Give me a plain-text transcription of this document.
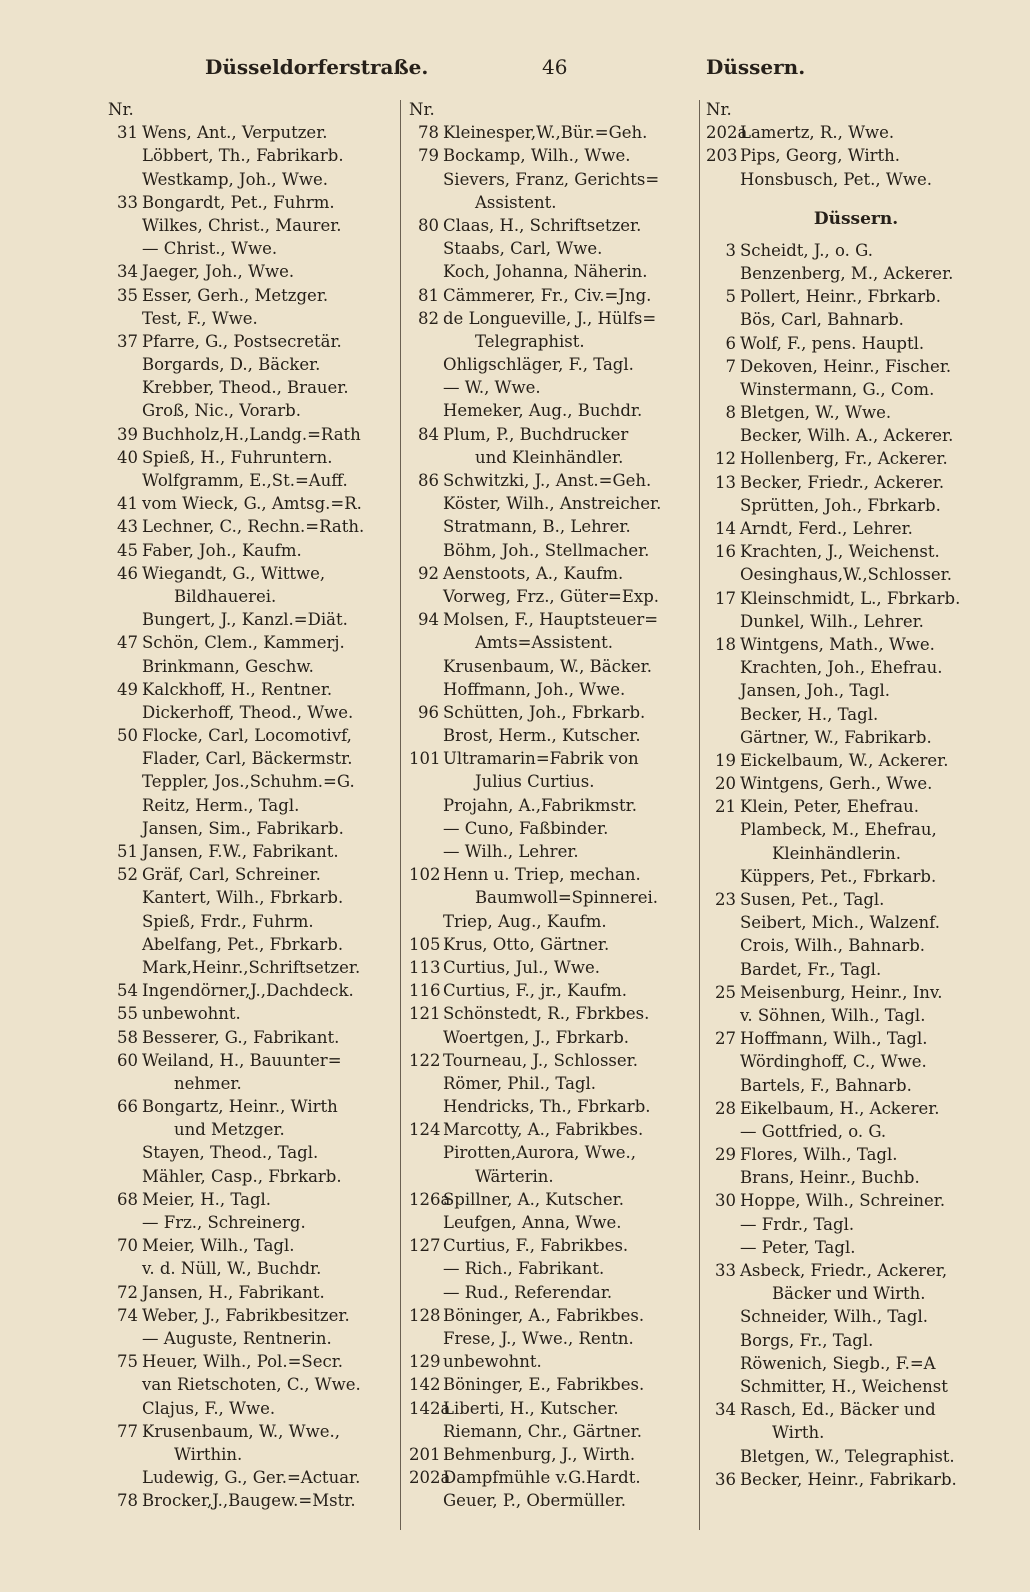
Düsseldorferstraße.	46	Düssern.
Nr.
31 Wens, Ant., Verputzer.
Löbbert, Th., Fabrikarb.
Westkamp, Joh., Wwe.
33 Bongardt, Pet., Fuhrm.
Wilkes, Christ., Maurer.
— Christ., Wwe.
34 Jaeger, Joh., Wwe.
35 Esser, Gerh., Metzger.
Test, F., Wwe.
37 Pfarre, G., Postsecretär.
Borgards, D., Bäcker.
Krebber, Theod., Brauer.
Groß, Nic., Vorarb.
39 Buchholz,H.,Landg.=Rath
40 Spieß, H., Fuhruntern.
Wolfgramm, E.,St.=Auff.
41 vom Wieck, G., Amtsg.=R.
43 Lechner, C., Rechn.=Rath.
45 Faber, Joh., Kaufm.
46 Wiegandt, G., Wittwe,
Bildhauerei.
Bungert, J., Kanzl.=Diät.
47 Schön, Clem., Kammerj.
Brinkmann, Geschw.
49 Kalckhoff, H., Rentner.
Dickerhoff, Theod., Wwe.
50 Flocke, Carl, Locomotivf,
Flader, Carl, Bäckermstr.
Teppler, Jos.,Schuhm.=G.
Reitz, Herm., Tagl.
Jansen, Sim., Fabrikarb.
51 Jansen, F.W., Fabrikant.
52 Gräf, Carl, Schreiner.
Kantert, Wilh., Fbrkarb.
Spieß, Frdr., Fuhrm.
Abelfang, Pet., Fbrkarb.
Mark,Heinr.,Schriftsetzer.
54 Ingendörner,J.,Dachdeck.
55 unbewohnt.
58 Besserer, G., Fabrikant.
60 Weiland, H., Bauunter=
nehmer.
66 Bongartz, Heinr., Wirth
und Metzger.
Stayen, Theod., Tagl.
Mähler, Casp., Fbrkarb.
68 Meier, H., Tagl.
— Frz., Schreinerg.
70 Meier, Wilh., Tagl.
v. d. Nüll, W., Buchdr.
72 Jansen, H., Fabrikant.
74 Weber, J., Fabrikbesitzer.
— Auguste, Rentnerin.
75 Heuer, Wilh., Pol.=Secr.
van Rietschoten, C., Wwe.
Clajus, F., Wwe.
77 Krusenbaum, W., Wwe.,
Wirthin.
Ludewig, G., Ger.=Actuar.
78 Brocker,J.,Baugew.=Mstr.
Nr.
78 Kleinesper,W.,Bür.=Geh.
79 Bockamp, Wilh., Wwe.
Sievers, Franz, Gerichts=
Assistent.
80 Claas, H., Schriftsetzer.
Staabs, Carl, Wwe.
Koch, Johanna, Näherin.
81 Cämmerer, Fr., Civ.=Jng.
82 de Longueville, J., Hülfs=
Telegraphist.
Ohligschläger, F., Tagl.
— W., Wwe.
Hemeker, Aug., Buchdr.
84 Plum, P., Buchdrucker
und Kleinhändler.
86 Schwitzki, J., Anst.=Geh.
Köster, Wilh., Anstreicher.
Stratmann, B., Lehrer.
Böhm, Joh., Stellmacher.
92 Aenstoots, A., Kaufm.
Vorweg, Frz., Güter=Exp.
94 Molsen, F., Hauptsteuer=
Amts=Assistent.
Krusenbaum, W., Bäcker.
Hoffmann, Joh., Wwe.
96 Schütten, Joh., Fbrkarb.
Brost, Herm., Kutscher.
101 Ultramarin=Fabrik von
Julius Curtius.
Projahn, A.,Fabrikmstr.
— Cuno, Faßbinder.
— Wilh., Lehrer.
102 Henn u. Triep, mechan.
Baumwoll=Spinnerei.
Triep, Aug., Kaufm.
105 Krus, Otto, Gärtner.
113 Curtius, Jul., Wwe.
116 Curtius, F., jr., Kaufm.
121 Schönstedt, R., Fbrkbes.
Woertgen, J., Fbrkarb.
122 Tourneau, J., Schlosser.
Römer, Phil., Tagl.
Hendricks, Th., Fbrkarb.
124 Marcotty, A., Fabrikbes.
Pirotten,Aurora, Wwe.,
Wärterin.
126a
Spillner, A., Kutscher.
Leufgen, Anna, Wwe.
127 Curtius, F., Fabrikbes.
— Rich., Fabrikant.
— Rud., Referendar.
128 Böninger, A., Fabrikbes.
Frese, J., Wwe., Rentn.
129 unbewohnt.
142 Böninger, E., Fabrikbes.
142a
Liberti, H., Kutscher.
Riemann, Chr., Gärtner.
201 Behmenburg, J., Wirth.
202a
Dampfmühle v.G.Hardt.
Geuer, P., Obermüller.
Nr.
202a
Lamertz, R., Wwe.
203 Pips, Georg, Wirth.
Honsbusch, Pet., Wwe.
Düssern.
3 Scheidt, J., o. G.
Benzenberg, M., Ackerer.
5 Pollert, Heinr., Fbrkarb.
Bös, Carl, Bahnarb.
6 Wolf, F., pens. Hauptl.
7 Dekoven, Heinr., Fischer.
Winstermann, G., Com.
8 Bletgen, W., Wwe.
Becker, Wilh. A., Ackerer.
12 Hollenberg, Fr., Ackerer.
13 Becker, Friedr., Ackerer.
Sprütten, Joh., Fbrkarb.
14 Arndt, Ferd., Lehrer.
16 Krachten, J., Weichenst.
Oesinghaus,W.,Schlosser.
17 Kleinschmidt, L., Fbrkarb.
Dunkel, Wilh., Lehrer.
18 Wintgens, Math., Wwe.
Krachten, Joh., Ehefrau.
Jansen, Joh., Tagl.
Becker, H., Tagl.
Gärtner, W., Fabrikarb.
19 Eickelbaum, W., Ackerer.
20 Wintgens, Gerh., Wwe.
21 Klein, Peter, Ehefrau.
Plambeck, M., Ehefrau,
Kleinhändlerin.
Küppers, Pet., Fbrkarb.
23 Susen, Pet., Tagl.
Seibert, Mich., Walzenf.
Crois, Wilh., Bahnarb.
Bardet, Fr., Tagl.
25 Meisenburg, Heinr., Inv.
v. Söhnen, Wilh., Tagl.
27 Hoffmann, Wilh., Tagl.
Wördinghoff, C., Wwe.
Bartels, F., Bahnarb.
28 Eikelbaum, H., Ackerer.
— Gottfried, o. G.
29 Flores, Wilh., Tagl.
Brans, Heinr., Buchb.
30 Hoppe, Wilh., Schreiner.
— Frdr., Tagl.
— Peter, Tagl.
33 Asbeck, Friedr., Ackerer,
Bäcker und Wirth.
Schneider, Wilh., Tagl.
Borgs, Fr., Tagl.
Röwenich, Siegb., F.=A
Schmitter, H., Weichenst
34 Rasch, Ed., Bäcker und
Wirth.
Bletgen, W., Telegraphist.
36 Becker, Heinr., Fabrikarb.
